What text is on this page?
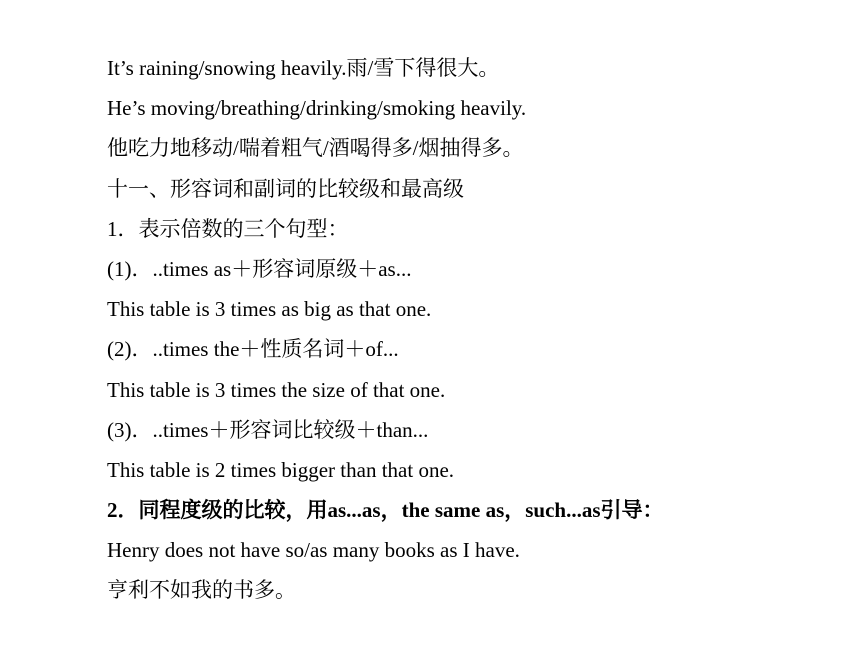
It’s raining/snowing heavily.雨/雪下得很大。
He’s moving/breathing/drinking/smoking heavily.
他吃力地移动/喘着粗气/酒喝得多/烟抽得多。
十一、形容词和副词的比较级和最高级
1．表示倍数的三个句型：
(1)．..times as＋形容词原级＋as...
This table is 3 times as big as that one.
(2)．..times the＋性质名词＋of...
This table is 3 times the size of that one.
(3)．..times＋形容词比较级＋than...
This table is 2 times bigger than that one.
2．同程度级的比较，用as...as，the same as，such...as引导：
Henry does not have so/as many books as I have.
亨利不如我的书多。
